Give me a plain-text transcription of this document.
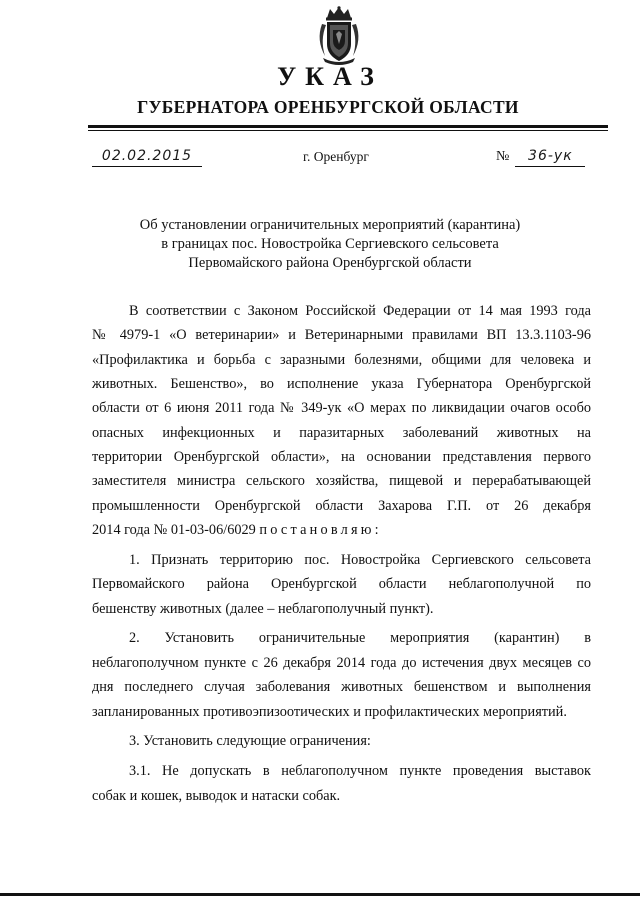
УКАЗ
ГУБЕРНАТОРА ОРЕНБУРГСКОЙ ОБЛАСТИ
02.02.2015	г. Оренбург	№ 36-ук
Об установлении ограничительных мероприятий (карантина)
в границах пос. Новостройка Сергиевского сельсовета
Первомайского района Оренбургской области

В соответствии с Законом Российской Федерации от 14 мая 1993 года

№ 4979-1 «О ветеринарии» и Ветеринарными правилами ВП 13.3.1103-96

«Профилактика и борьба с заразными болезнями, общими для человека и

животных. Бешенство», во исполнение указа Губернатора Оренбургской

области от 6 июня 2011 года № 349-ук «О мерах по ликвидации очагов особо

опасных инфекционных и паразитарных заболеваний животных на

территории Оренбургской области», на основании представления первого

заместителя министра сельского хозяйства, пищевой и перерабатывающей

промышленности Оренбургской области Захарова Г.П. от 26 декабря

2014 года № 01-03-06/6029 постановляю:

1. Признать территорию пос. Новостройка Сергиевского сельсовета

Первомайского района Оренбургской области неблагополучной по

бешенству животных (далее – неблагополучный пункт).

2. Установить ограничительные мероприятия (карантин) в

неблагополучном пункте с 26 декабря 2014 года до истечения двух месяцев со

дня последнего случая заболевания животных бешенством и выполнения

запланированных противоэпизоотических и профилактических мероприятий.

3. Установить следующие ограничения:

3.1. Не допускать в неблагополучном пункте проведения выставок

собак и кошек, выводок и натаски собак.
